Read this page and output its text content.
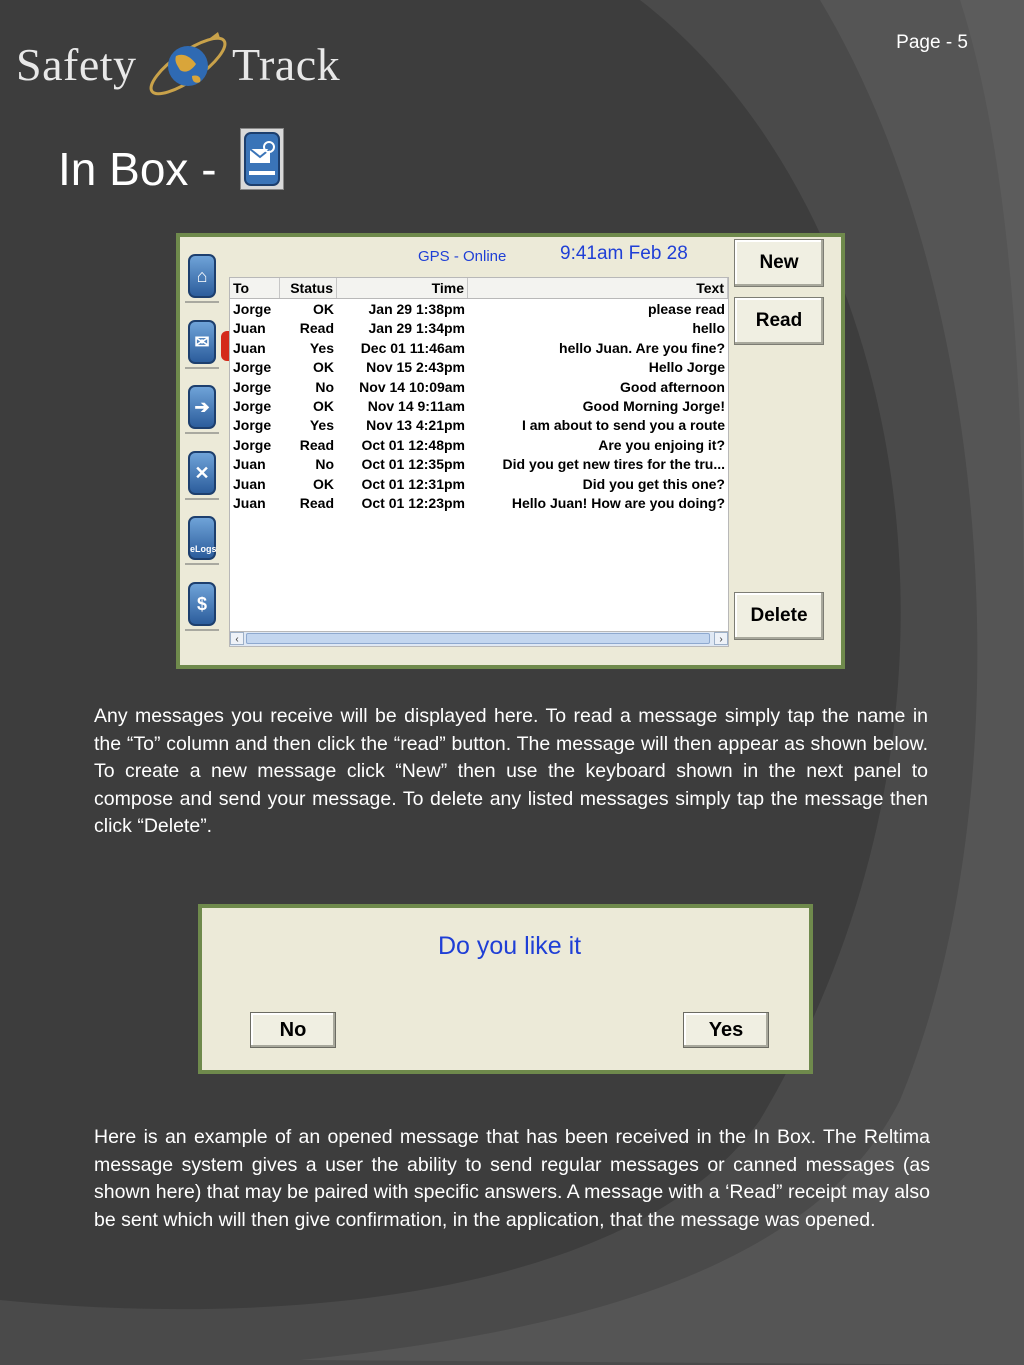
Safety Track	Page - 5
In Box -
⌂
✉
➔
✕
eLogs
$
GPS - Online	9:41am Feb 28
To	Status	Time	Text
Jorge	OK	Jan 29 1:38pm	please read
Juan	Read	Jan 29 1:34pm	hello
Juan	Yes	Dec 01 11:46am	hello Juan. Are you fine?
Jorge	OK	Nov 15 2:43pm	Hello Jorge
Jorge	No	Nov 14 10:09am	Good afternoon
Jorge	OK	Nov 14 9:11am	Good Morning Jorge!
Jorge	Yes	Nov 13 4:21pm	I am about to send you a route
Jorge	Read	Oct 01 12:48pm	Are you enjoing it?
Juan	No	Oct 01 12:35pm	Did you get new tires for the tru...
Juan	OK	Oct 01 12:31pm	Did you get this one?
Juan	Read	Oct 01 12:23pm	Hello Juan! How are you doing?
‹	›
New
Read
Delete
Any messages you receive will be displayed here. To read a message simply tap the name in the “To” column and then click the “read” button. The message will then appear as shown below. To create a new message click “New” then use the keyboard shown in the next panel to compose and send your message. To delete any listed messages simply tap the message then click “Delete”.
Do you like it
No	Yes
Here is an example of an opened message that has been received in the In Box. The Reltima message system gives a user the ability to send regular messages or canned messages (as shown here) that may be paired with specific answers. A message with a ‘Read” receipt may also be sent which will then give confirmation, in the application, that the message was opened.
